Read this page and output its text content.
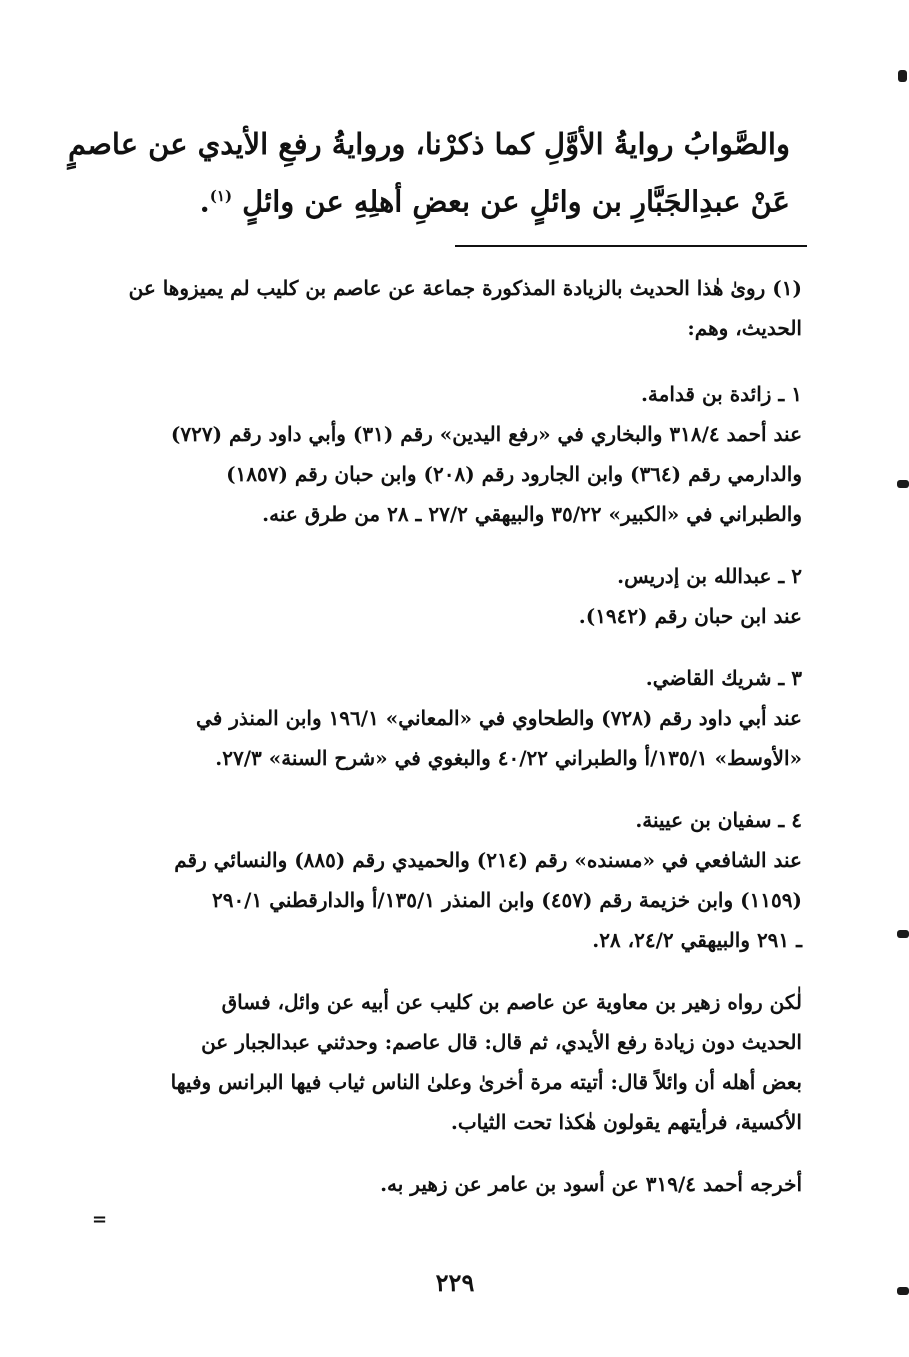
والصَّوابُ روايةُ الأوَّلِ كما ذكرْنا، وروايةُ رفعِ الأيدي عن عاصمٍ
عَنْ عبدِالجَبَّارِ بن وائلٍ عن بعضِ أهلِهِ عن وائلٍ $^{(١)}$.
(١) روىٰ هٰذا الحديث بالزيادة المذكورة جماعة عن عاصم بن كليب لم يميزوها عن
الحديث، وهم:
١ ـ زائدة بن قدامة.
عند أحمد ٣١٨/٤ والبخاري في «رفع اليدين» رقم (٣١) وأبي داود رقم (٧٢٧)
والدارمي رقم (٣٦٤) وابن الجارود رقم (٢٠٨) وابن حبان رقم (١٨٥٧)
والطبراني في «الكبير» ٣٥/٢٢ والبيهقي ٢٧/٢ ـ ٢٨ من طرق عنه.
٢ ـ عبدالله بن إدريس.
عند ابن حبان رقم (١٩٤٢).
٣ ـ شريك القاضي.
عند أبي داود رقم (٧٢٨) والطحاوي في «المعاني» ١٩٦/١ وابن المنذر في
«الأوسط» ١٣٥/١/أ والطبراني ٤٠/٢٢ والبغوي في «شرح السنة» ٢٧/٣.
٤ ـ سفيان بن عيينة.
عند الشافعي في «مسنده» رقم (٢١٤) والحميدي رقم (٨٨٥) والنسائي رقم
(١١٥٩) وابن خزيمة رقم (٤٥٧) وابن المنذر ١٣٥/١/أ والدارقطني ٢٩٠/١
ـ ٢٩١ والبيهقي ٢٤/٢، ٢٨.
لٰكن رواه زهير بن معاوية عن عاصم بن كليب عن أبيه عن وائل، فساق
الحديث دون زيادة رفع الأيدي، ثم قال: قال عاصم: وحدثني عبدالجبار عن
بعض أهله أن وائلاً قال: أتيته مرة أخرىٰ وعلىٰ الناس ثياب فيها البرانس وفيها
الأكسية، فرأيتهم يقولون هٰكذا تحت الثياب.
أخرجه أحمد ٣١٩/٤ عن أسود بن عامر عن زهير به.
=
٢٢٩
